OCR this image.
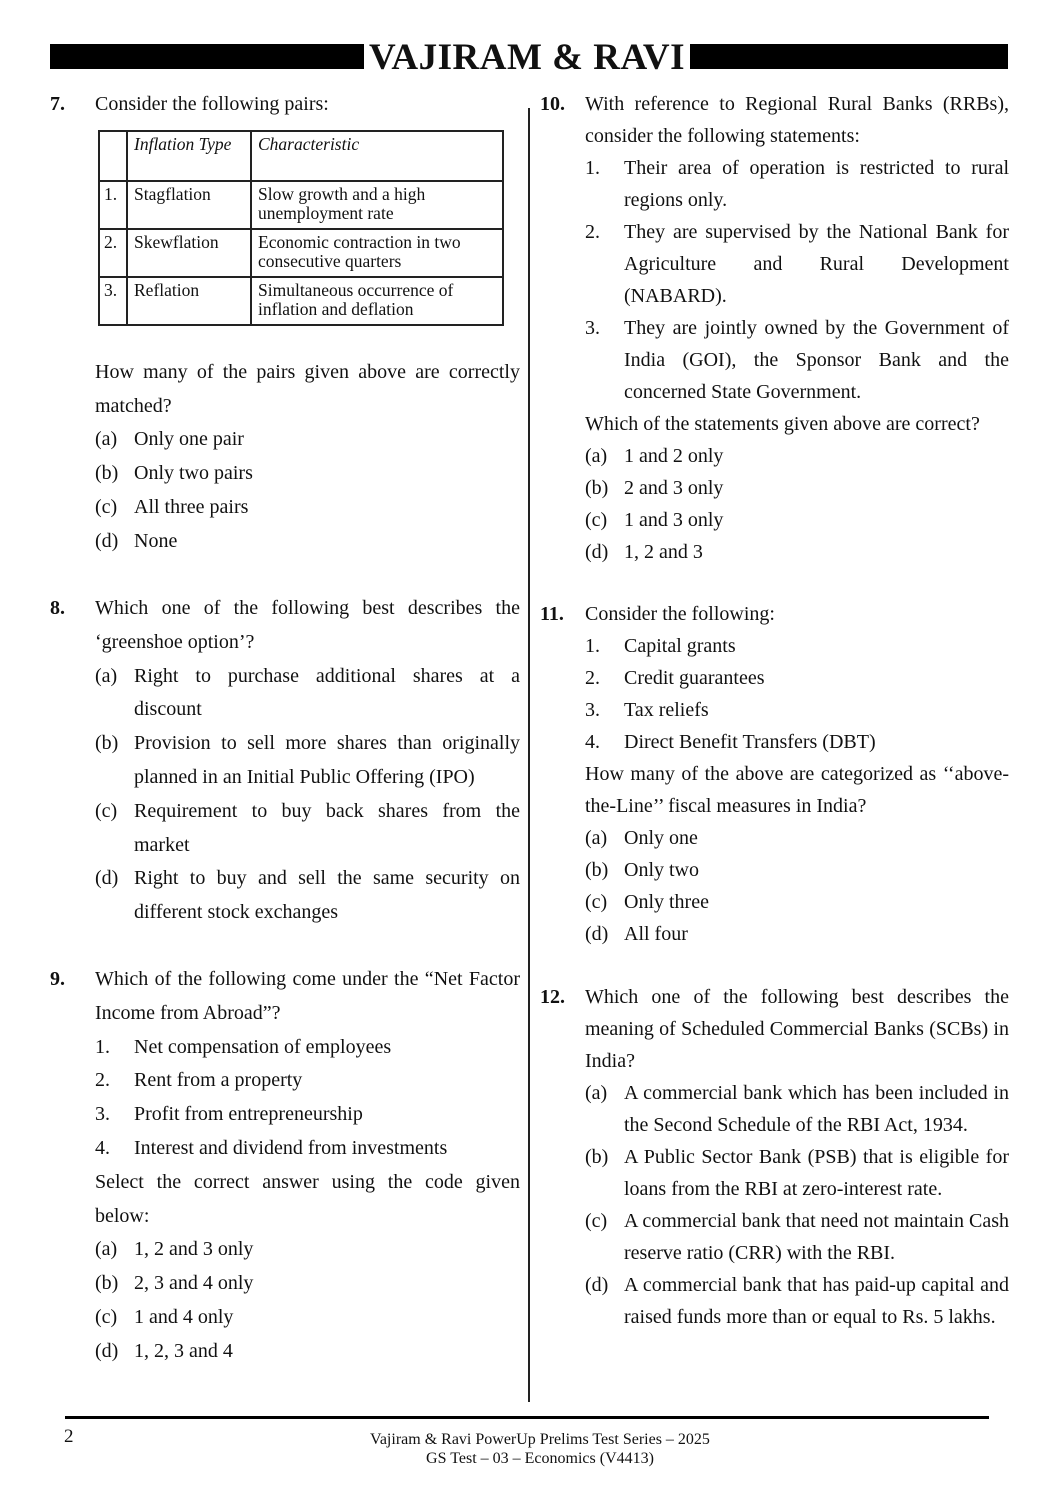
VAJIRAM & RAVI
7. Consider the following pairs:
	Inflation Type	Characteristic
1.	Stagflation	Slow growth and a high unemployment rate
2.	Skewflation	Economic contraction in two consecutive quarters
3.	Reflation	Simultaneous occurrence of inflation and deflation
How many of the pairs given above are correctly matched?
(a) Only one pair
(b) Only two pairs
(c) All three pairs
(d) None
8. Which one of the following best describes the ‘greenshoe option’?
(a) Right to purchase additional shares at a discount
(b) Provision to sell more shares than originally planned in an Initial Public Offering (IPO)
(c) Requirement to buy back shares from the market
(d) Right to buy and sell the same security on different stock exchanges
9. Which of the following come under the “Net Factor Income from Abroad”?
1.	Net compensation of employees
2.	Rent from a property
3.	Profit from entrepreneurship
4.	Interest and dividend from investments
Select the correct answer using the code given below:
(a) 1, 2 and 3 only
(b) 2, 3 and 4 only
(c) 1 and 4 only
(d) 1, 2, 3 and 4
10. With reference to Regional Rural Banks (RRBs), consider the following statements:
1.	Their area of operation is restricted to rural regions only.
2.	They are supervised by the National Bank for Agriculture and Rural Development (NABARD).
3.	They are jointly owned by the Government of India (GOI), the Sponsor Bank and the concerned State Government.
Which of the statements given above are correct?
(a) 1 and 2 only
(b) 2 and 3 only
(c) 1 and 3 only
(d) 1, 2 and 3
11. Consider the following:
1.	Capital grants
2.	Credit guarantees
3.	Tax reliefs
4.	Direct Benefit Transfers (DBT)
How many of the above are categorized as ‘‘above-the-Line’’ fiscal measures in India?
(a) Only one
(b) Only two
(c) Only three
(d) All four
12. Which one of the following best describes the meaning of Scheduled Commercial Banks (SCBs) in India?
(a) A commercial bank which has been included in the Second Schedule of the RBI Act, 1934.
(b) A Public Sector Bank (PSB) that is eligible for loans from the RBI at zero-interest rate.
(c) A commercial bank that need not maintain Cash reserve ratio (CRR) with the RBI.
(d) A commercial bank that has paid-up capital and raised funds more than or equal to Rs. 5 lakhs.
2	Vajiram & Ravi PowerUp Prelims Test Series – 2025
GS Test – 03 – Economics (V4413)
